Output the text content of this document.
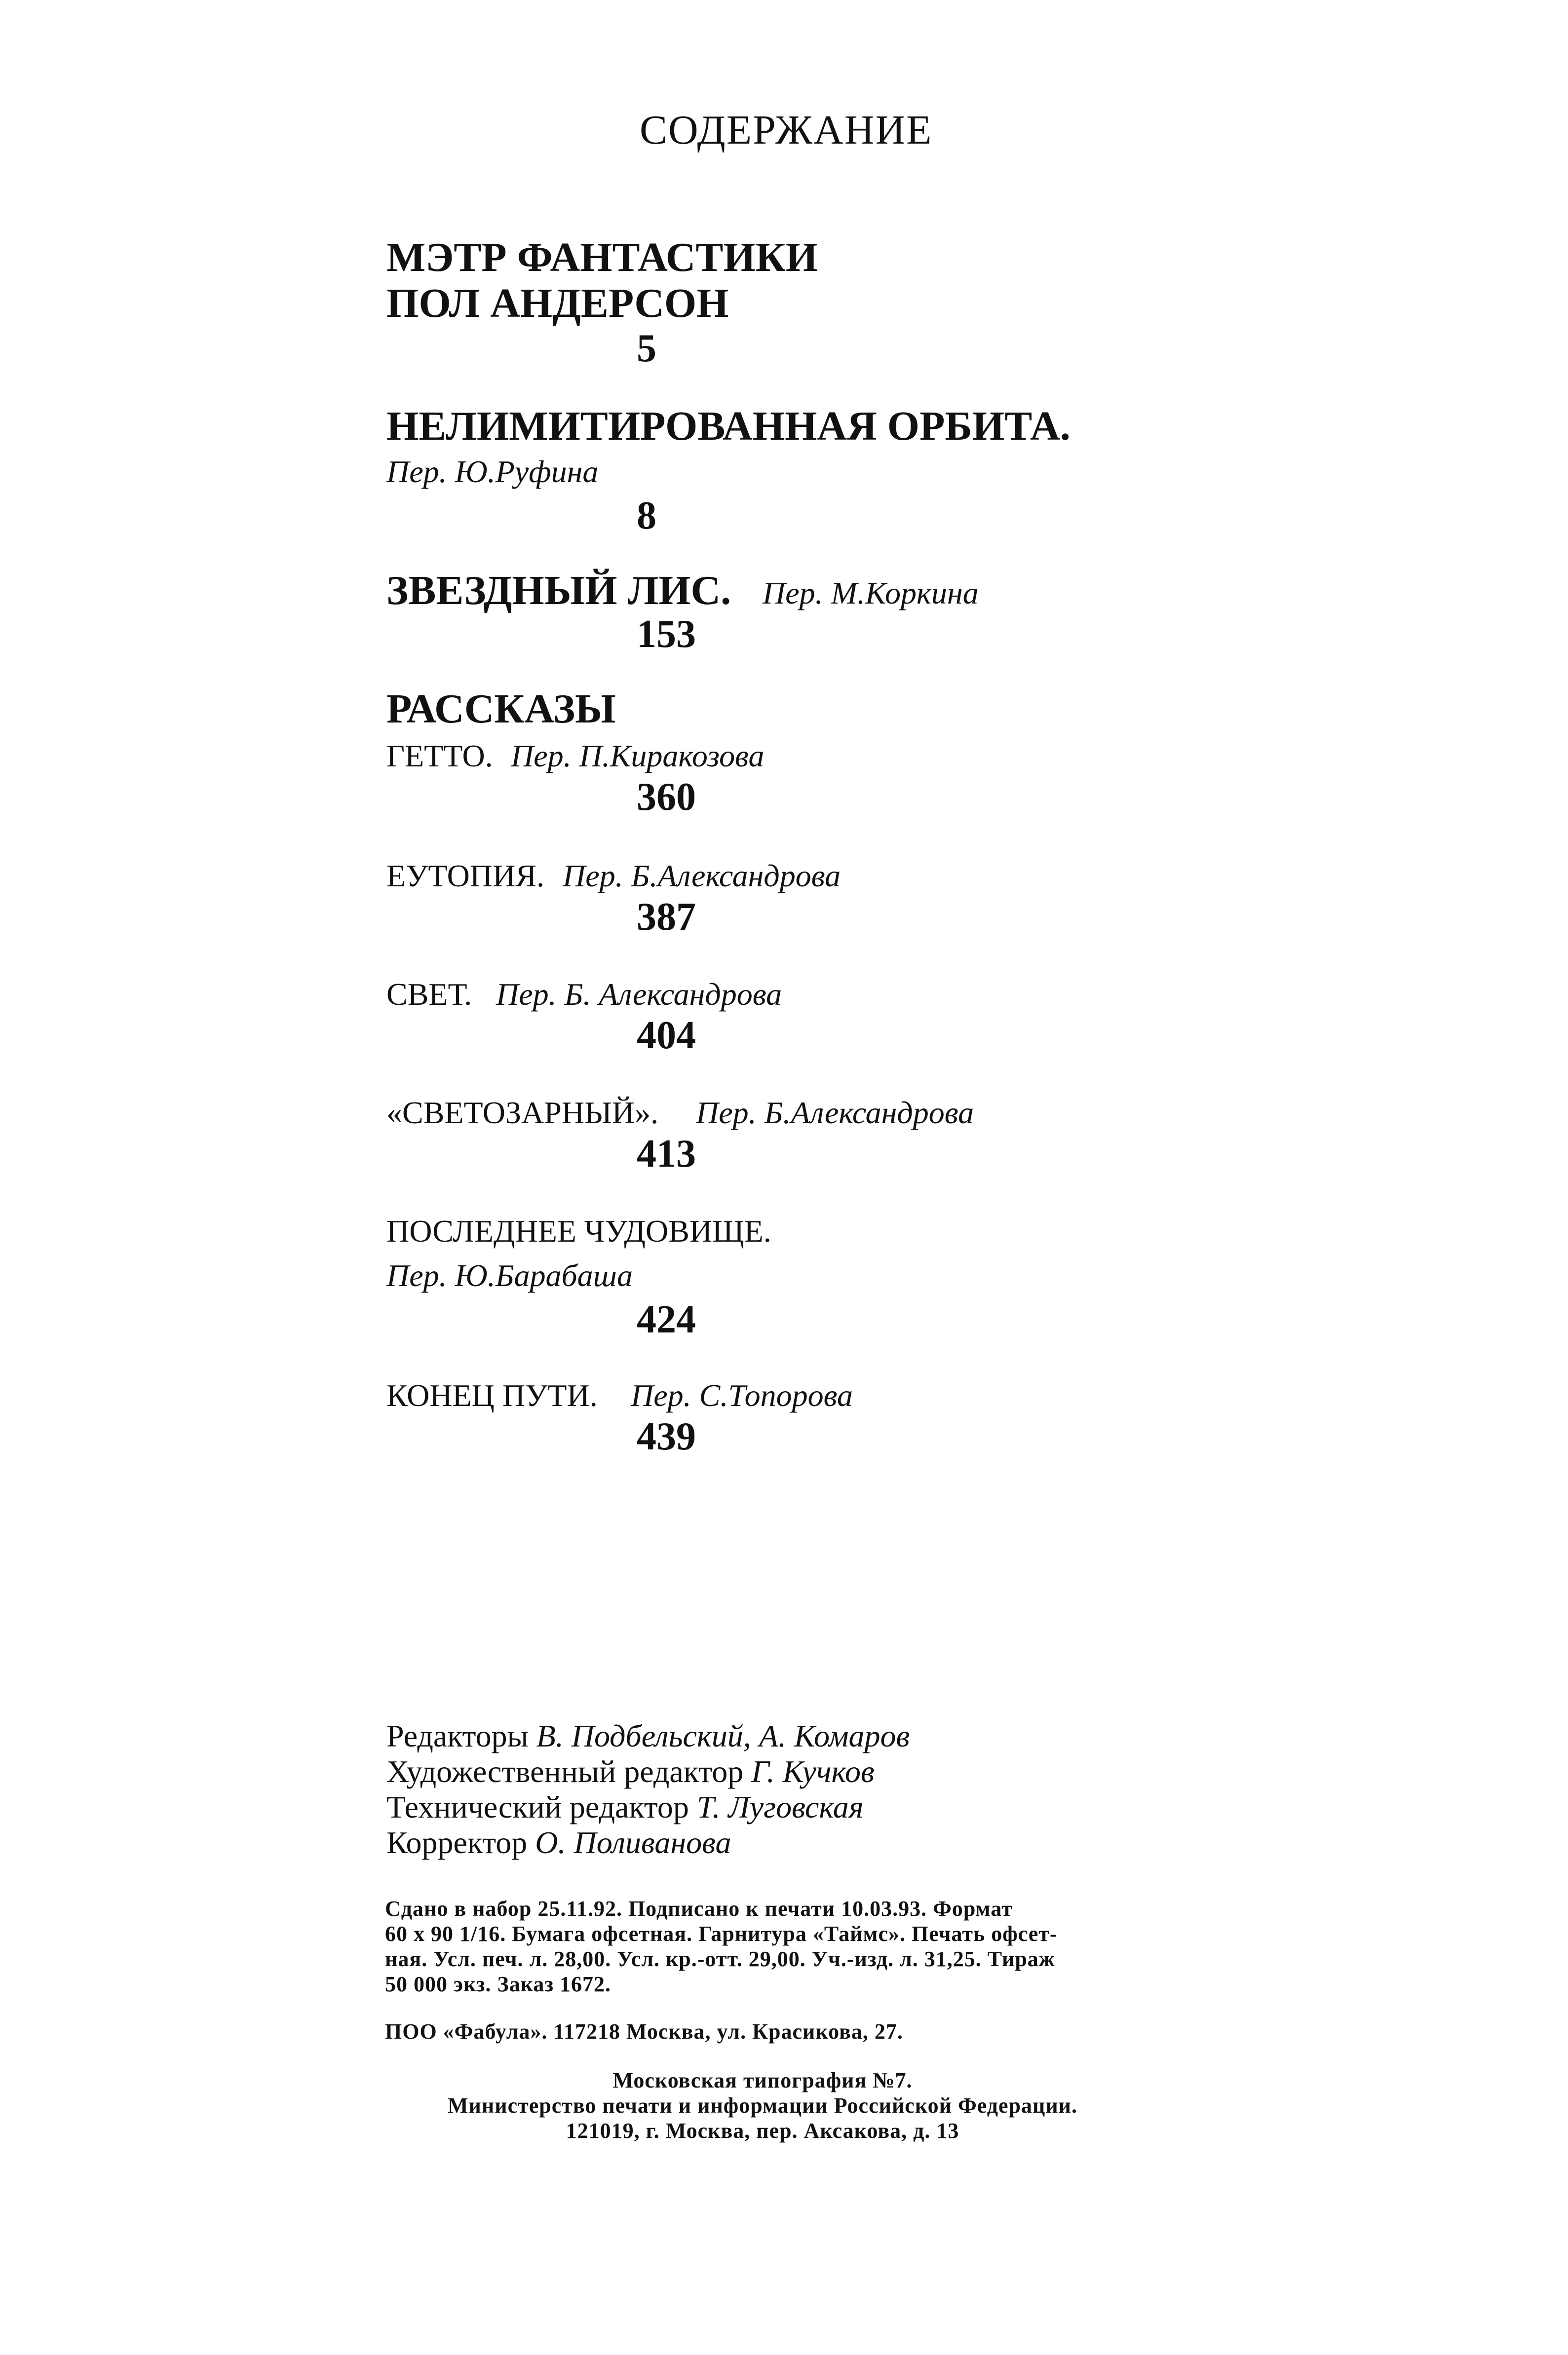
СОДЕРЖАНИЕ
МЭТР ФАНТАСТИКИ
ПОЛ АНДЕРСОН
5
НЕЛИМИТИРОВАННАЯ ОРБИТА.
Пер. Ю.Руфина
8
ЗВЕЗДНЫЙ ЛИС. Пер. М.Коркина
153
РАССКАЗЫ
ГЕТТО. Пер. П.Киракозова
360
ЕУТОПИЯ. Пер. Б.Александрова
387
СВЕТ. Пер. Б. Александрова
404
«СВЕТОЗАРНЫЙ». Пер. Б.Александрова
413
ПОСЛЕДНЕЕ ЧУДОВИЩЕ.
Пер. Ю.Барабаша
424
КОНЕЦ ПУТИ. Пер. С.Топорова
439
Редакторы В. Подбельский, А. Комаров
Художественный редактор Г. Кучков
Технический редактор Т. Луговская
Корректор О. Поливанова
Сдано в набор 25.11.92. Подписано к печати 10.03.93. Формат
60 x 90 1/16. Бумага офсетная. Гарнитура «Таймс». Печать офсет-
ная. Усл. печ. л. 28,00. Усл. кр.-отт. 29,00. Уч.-изд. л. 31,25. Тираж
50 000 экз. Заказ 1672.
ПОО «Фабула». 117218 Москва, ул. Красикова, 27.
Московская типография №7.
Министерство печати и информации Российской Федерации.
121019, г. Москва, пер. Аксакова, д. 13
